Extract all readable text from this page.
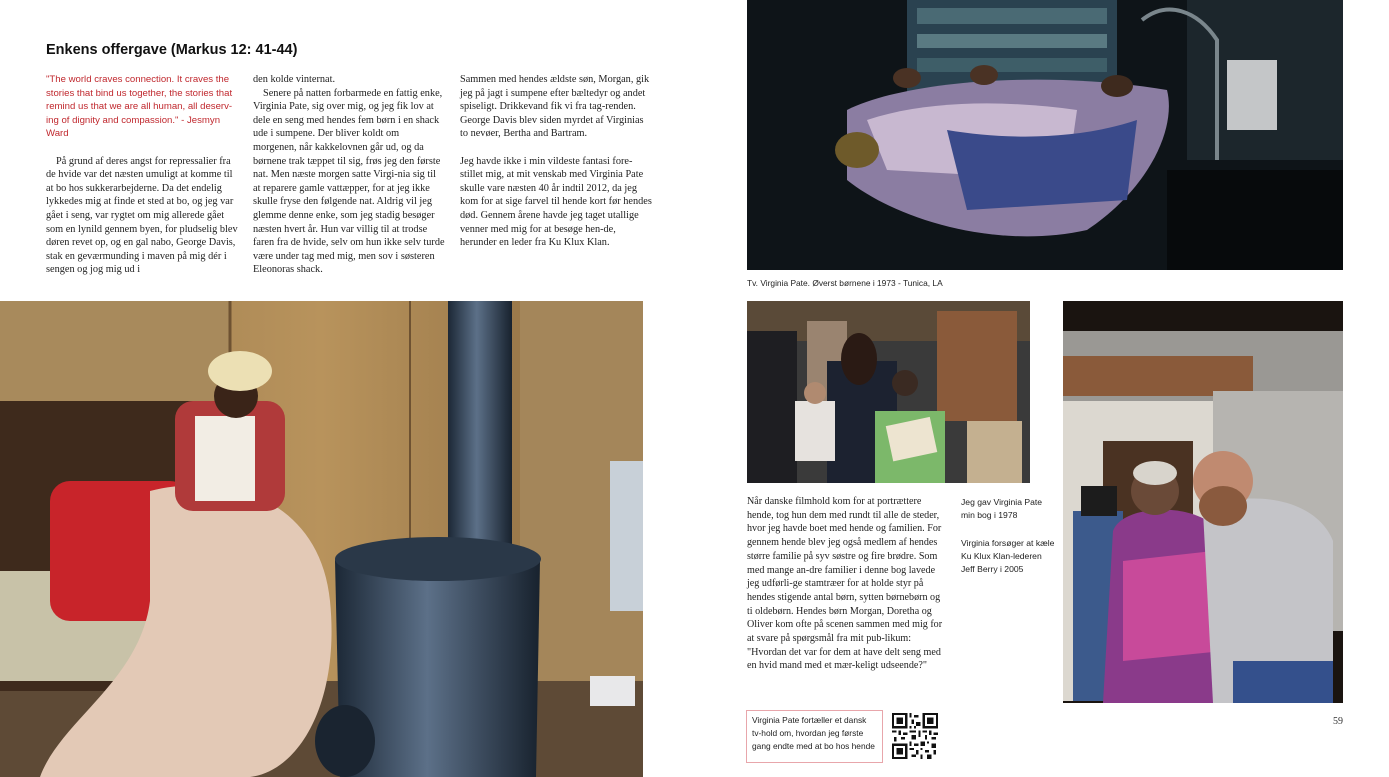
Enkens offergave (Markus 12: 41-44)

"The world craves connection. It craves the stories that bind us together, the stories that remind us that we are all human, all deserv-ing of dignity and compassion." - Jesmyn Ward

På grund af deres angst for repressalier fra de hvide var det næsten umuligt at komme til at bo hos sukkerarbejderne. Da det endelig lykkedes mig at finde et sted at bo, og jeg var gået i seng, var rygtet om mig allerede gået som en lynild gennem byen, for pludselig blev døren revet op, og en gal nabo, George Davis, stak en geværmunding i maven på mig dér i sengen og jog mig ud i

den kolde vinternat.

Senere på natten forbarmede en fattig enke, Virginia Pate, sig over mig, og jeg fik lov at dele en seng med hendes fem børn i en shack ude i sumpene. Der bliver koldt om morgenen, når kakkelovnen går ud, og da børnene trak tæppet til sig, frøs jeg den første nat. Men næste morgen satte Virgi-nia sig til at reparere gamle vattæpper, for at jeg ikke skulle fryse den følgende nat. Aldrig vil jeg glemme denne enke, som jeg stadig besøger næsten hvert år. Hun var villig til at trodse faren fra de hvide, selv om hun ikke selv turde være under tag med mig, men sov i søsteren Eleonoras shack.

Sammen med hendes ældste søn, Morgan, gik jeg på jagt i sumpene efter bæltedyr og andet spiseligt. Drikkevand fik vi fra tag-renden. George Davis blev siden myrdet af Virginias to nevøer, Bertha and Bartram.

Jeg havde ikke i min vildeste fantasi fore-stillet mig, at mit venskab med Virginia Pate skulle vare næsten 40 år indtil 2012, da jeg kom for at sige farvel til hende kort før hendes død. Gennem årene havde jeg taget utallige venner med mig for at besøge hen-de, herunder en leder fra Ku Klux Klan.

Tv. Virginia Pate. Øverst børnene i 1973 - Tunica, LA
Når danske filmhold kom for at portrættere hende, tog hun dem med rundt til alle de steder, hvor jeg havde boet med hende og familien. For gennem hende blev jeg også medlem af hendes større familie på syv søstre og fire brødre. Som med mange an-dre familier i denne bog lavede jeg udførli-ge stamtræer for at holde styr på hendes stigende antal børn, sytten børnebørn og ti oldebørn. Hendes børn Morgan, Doretha og Oliver kom ofte på scenen sammen med mig for at svare på spørgsmål fra mit pub-likum: "Hvordan det var for dem at have delt seng med en hvid mand med et mær-keligt udseende?"
Jeg gav Virginia Pate min bog i 1978
Virginia forsøger at kæle Ku Klux Klan-lederen Jeff Berry i 2005
Virginia Pate fortæller et dansk tv-hold om, hvordan jeg første gang endte med at bo hos hende
59
